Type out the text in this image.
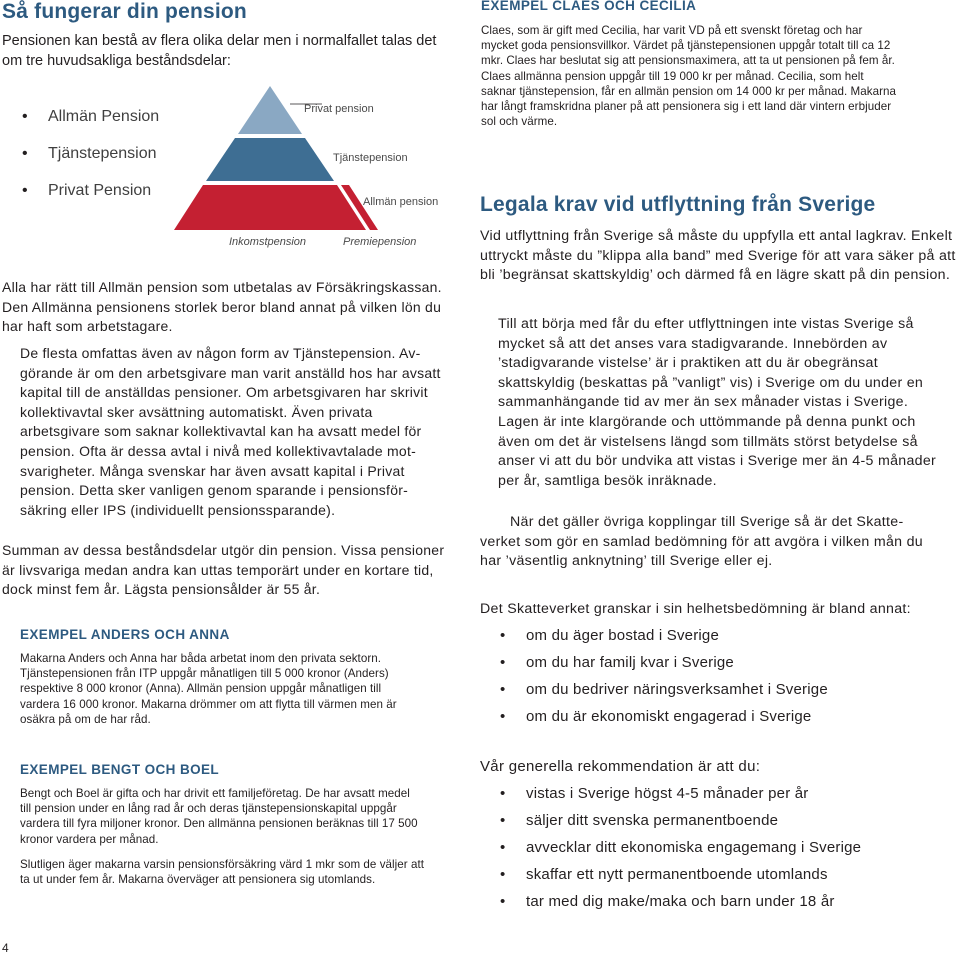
Så fungerar din pension

Pensionen kan bestå av flera olika delar men i normalfallet talas det om tre huvudsakliga beståndsdelar:

• Allmän Pension
• Tjänstepension
• Privat Pension
Privat pension
Tjänstepension
Allmän pension
Inkomstpension	Premiepension

Alla har rätt till Allmän pension som utbetalas av Försäkringskassan. Den Allmänna pensionens storlek beror bland annat på vilken lön du har haft som arbetstagare.

De flesta omfattas även av någon form av Tjänstepension. Avgörande är om den arbetsgivare man varit anställd hos har avsatt kapital till de anställdas pensioner. Om arbetsgivaren har skrivit kollektivavtal sker avsättning automatiskt. Även privata arbetsgivare som saknar kollektivavtal kan ha avsatt medel för pension. Ofta är dessa avtal i nivå med kollektivavtalade motsvarigheter. Många svenskar har även avsatt kapital i Privat pension. Detta sker vanligen genom sparande i pensionsförsäkring eller IPS (individuellt pensionssparande).

Summan av dessa beståndsdelar utgör din pension. Vissa pensioner är livsvariga medan andra kan uttas temporärt under en kortare tid, dock minst fem år. Lägsta pensionsålder är 55 år.

EXEMPEL ANDERS OCH ANNA

Makarna Anders och Anna har båda arbetat inom den privata sektorn. Tjänstepensionen från ITP uppgår månatligen till 5 000 kronor (Anders) respektive 8 000 kronor (Anna). Allmän pension uppgår månatligen till vardera 16 000 kronor. Makarna drömmer om att flytta till värmen men är osäkra på om de har råd.

EXEMPEL BENGT OCH BOEL

Bengt och Boel är gifta och har drivit ett familjeföretag. De har avsatt medel till pension under en lång rad år och deras tjänstepensionskapital uppgår vardera till fyra miljoner kronor. Den allmänna pensionen beräknas till 17 500 kronor vardera per månad.

Slutligen äger makarna varsin pensionsförsäkring värd 1 mkr som de väljer att ta ut under fem år. Makarna överväger att pensionera sig utomlands.

4
EXEMPEL CLAES OCH CECILIA

Claes, som är gift med Cecilia, har varit VD på ett svenskt företag och har mycket goda pensionsvillkor. Värdet på tjänstepensionen uppgår totalt till ca 12 mkr. Claes har beslutat sig att pensionsmaximera, att ta ut pensionen på fem år. Claes allmänna pension uppgår till 19 000 kr per månad. Cecilia, som helt saknar tjänstepension, får en allmän pension om 14 000 kr per månad. Makarna har långt framskridna planer på att pensionera sig i ett land där vintern erbjuder sol och värme.

Legala krav vid utflyttning från Sverige

Vid utflyttning från Sverige så måste du uppfylla ett antal lagkrav. Enkelt uttryckt måste du ”klippa alla band” med Sverige för att vara säker på att bli ’begränsat skattskyldig’ och därmed få en lägre skatt på din pension.

Till att börja med får du efter utflyttningen inte vistas Sverige så mycket så att det anses vara stadigvarande. Innebörden av ’stadigvarande vistelse’ är i praktiken att du är obegränsat skattskyldig (beskattas på ”vanligt” vis) i Sverige om du under en sammanhängande tid av mer än sex månader vistas i Sverige. Lagen är inte klargörande och uttömmande på denna punkt och även om det är vistelsens längd som tillmäts störst betydelse så anser vi att du bör undvika att vistas i Sverige mer än 4-5 månader per år, samtliga besök inräknade.

När det gäller övriga kopplingar till Sverige så är det Skatteverket som gör en samlad bedömning för att avgöra i vilken mån du har ’väsentlig anknytning’ till Sverige eller ej.

Det Skatteverket granskar i sin helhetsbedömning är bland annat:

• om du äger bostad i Sverige
• om du har familj kvar i Sverige
• om du bedriver näringsverksamhet i Sverige
• om du är ekonomiskt engagerad i Sverige

Vår generella rekommendation är att du:

• vistas i Sverige högst 4-5 månader per år
• säljer ditt svenska permanentboende
• avvecklar ditt ekonomiska engagemang i Sverige
• skaffar ett nytt permanentboende utomlands
• tar med dig make/maka och barn under 18 år
